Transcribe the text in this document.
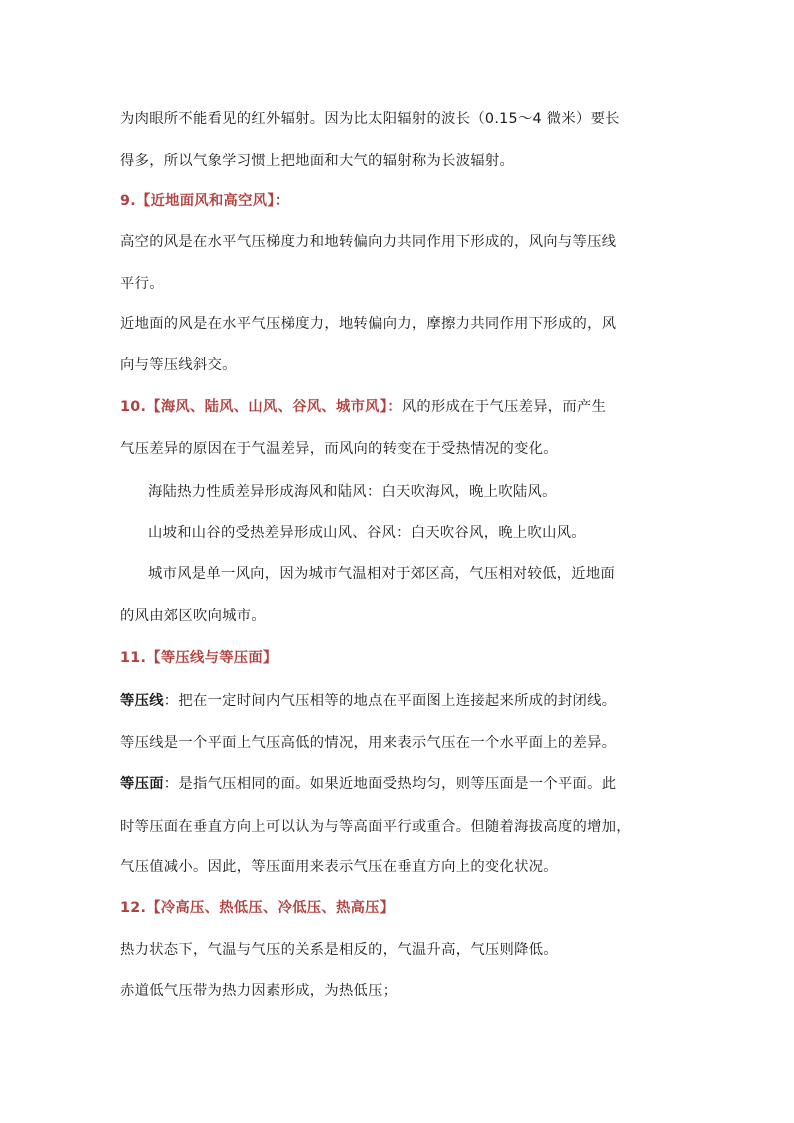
为肉眼所不能看见的红外辐射。因为比太阳辐射的波长（0.15～4 微米）要长
得多，所以气象学习惯上把地面和大气的辐射称为长波辐射。
9.【近地面风和高空风】：
高空的风是在水平气压梯度力和地转偏向力共同作用下形成的，风向与等压线
平行。
近地面的风是在水平气压梯度力，地转偏向力，摩擦力共同作用下形成的，风
向与等压线斜交。
10.【海风、陆风、山风、谷风、城市风】：风的形成在于气压差异，而产生
气压差异的原因在于气温差异，而风向的转变在于受热情况的变化。
海陆热力性质差异形成海风和陆风：白天吹海风，晚上吹陆风。
山坡和山谷的受热差异形成山风、谷风：白天吹谷风，晚上吹山风。
城市风是单一风向，因为城市气温相对于郊区高，气压相对较低，近地面
的风由郊区吹向城市。
11.【等压线与等压面】
等压线：把在一定时间内气压相等的地点在平面图上连接起来所成的封闭线。
等压线是一个平面上气压高低的情况，用来表示气压在一个水平面上的差异。
等压面：是指气压相同的面。如果近地面受热均匀，则等压面是一个平面。此
时等压面在垂直方向上可以认为与等高面平行或重合。但随着海拔高度的增加，
气压值减小。因此，等压面用来表示气压在垂直方向上的变化状况。
12.【冷高压、热低压、冷低压、热高压】
热力状态下，气温与气压的关系是相反的，气温升高，气压则降低。
赤道低气压带为热力因素形成，为热低压；
